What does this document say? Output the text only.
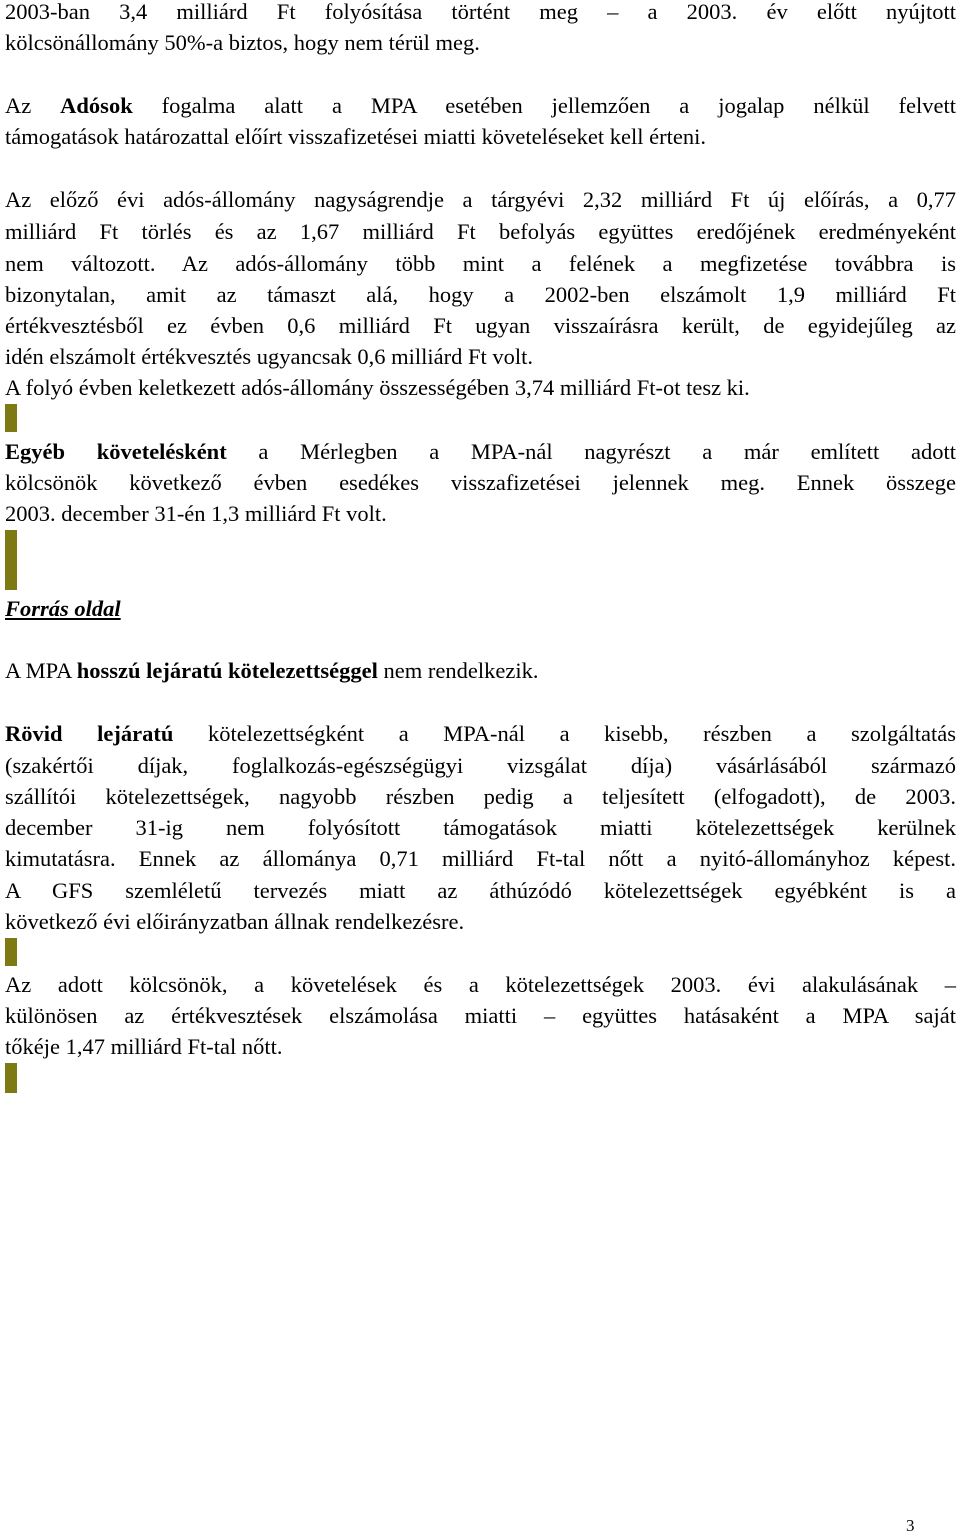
2003-ban 3,4 milliárd Ft folyósítása történt meg – a 2003. év előtt nyújtott
kölcsönállomány 50%-a biztos, hogy nem térül meg.
Az Adósok fogalma alatt a MPA esetében jellemzően a jogalap nélkül felvett
támogatások határozattal előírt visszafizetései miatti követeléseket kell érteni.
Az előző évi adós-állomány nagyságrendje a tárgyévi 2,32 milliárd Ft új előírás, a 0,77
milliárd Ft törlés és az 1,67 milliárd Ft befolyás együttes eredőjének eredményeként
nem változott. Az adós-állomány több mint a felének a megfizetése továbbra is
bizonytalan, amit az támaszt alá, hogy a 2002-ben elszámolt 1,9 milliárd Ft
értékvesztésből ez évben 0,6 milliárd Ft ugyan visszaírásra került, de egyidejűleg az
idén elszámolt értékvesztés ugyancsak 0,6 milliárd Ft volt.
A folyó évben keletkezett adós-állomány összességében 3,74 milliárd Ft-ot tesz ki.
Egyéb követelésként a Mérlegben a MPA-nál nagyrészt a már említett adott
kölcsönök következő évben esedékes visszafizetései jelennek meg. Ennek összege
2003. december 31-én 1,3 milliárd Ft volt.
Forrás oldal
A MPA hosszú lejáratú kötelezettséggel nem rendelkezik.
Rövid lejáratú kötelezettségként a MPA-nál a kisebb, részben a szolgáltatás
(szakértői díjak, foglalkozás-egészségügyi vizsgálat díja) vásárlásából származó
szállítói kötelezettségek, nagyobb részben pedig a teljesített (elfogadott), de 2003.
december 31-ig nem folyósított támogatások miatti kötelezettségek kerülnek
kimutatásra. Ennek az állománya 0,71 milliárd Ft-tal nőtt a nyitó-állományhoz képest.
A GFS szemléletű tervezés miatt az áthúzódó kötelezettségek egyébként is a
következő évi előirányzatban állnak rendelkezésre.
Az adott kölcsönök, a követelések és a kötelezettségek 2003. évi alakulásának –
különösen az értékvesztések elszámolása miatti – együttes hatásaként a MPA saját
tőkéje 1,47 milliárd Ft-tal nőtt.
3
